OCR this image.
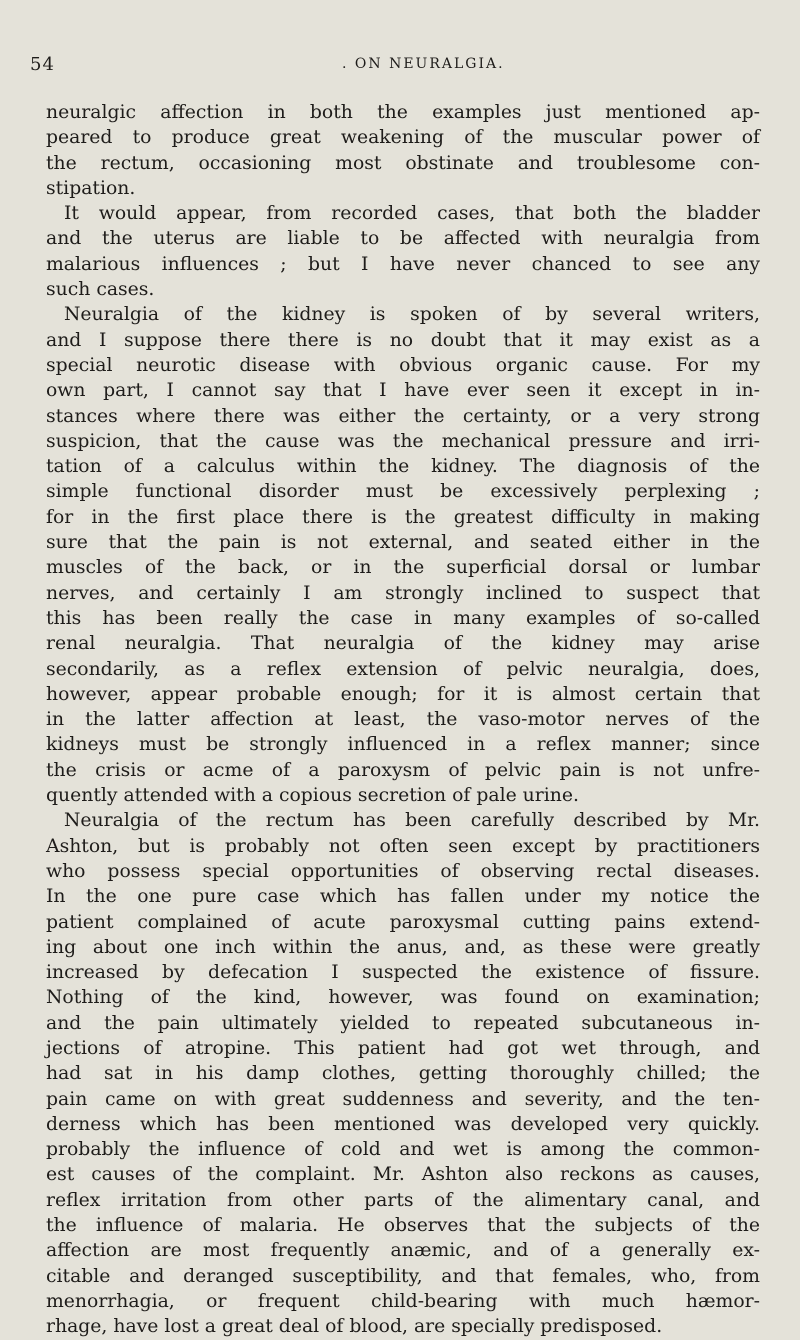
54	. ON NEURALGIA.
neuralgic affection in both the examples just mentioned ap-
peared to produce great weakening of the muscular power of
the rectum, occasioning most obstinate and troublesome con-
stipation.
It would appear, from recorded cases, that both the bladder
and the uterus are liable to be affected with neuralgia from
malarious influences ; but I have never chanced to see any
such cases.
Neuralgia of the kidney is spoken of by several writers,
and I suppose there there is no doubt that it may exist as a
special neurotic disease with obvious organic cause. For my
own part, I cannot say that I have ever seen it except in in-
stances where there was either the certainty, or a very strong
suspicion, that the cause was the mechanical pressure and irri-
tation of a calculus within the kidney. The diagnosis of the
simple functional disorder must be excessively perplexing ;
for in the first place there is the greatest difficulty in making
sure that the pain is not external, and seated either in the
muscles of the back, or in the superficial dorsal or lumbar
nerves, and certainly I am strongly inclined to suspect that
this has been really the case in many examples of so-called
renal neuralgia. That neuralgia of the kidney may arise
secondarily, as a reflex extension of pelvic neuralgia, does,
however, appear probable enough; for it is almost certain that
in the latter affection at least, the vaso-motor nerves of the
kidneys must be strongly influenced in a reflex manner; since
the crisis or acme of a paroxysm of pelvic pain is not unfre-
quently attended with a copious secretion of pale urine.
Neuralgia of the rectum has been carefully described by Mr.
Ashton, but is probably not often seen except by practitioners
who possess special opportunities of observing rectal diseases.
In the one pure case which has fallen under my notice the
patient complained of acute paroxysmal cutting pains extend-
ing about one inch within the anus, and, as these were greatly
increased by defecation I suspected the existence of fissure.
Nothing of the kind, however, was found on examination;
and the pain ultimately yielded to repeated subcutaneous in-
jections of atropine. This patient had got wet through, and
had sat in his damp clothes, getting thoroughly chilled; the
pain came on with great suddenness and severity, and the ten-
derness which has been mentioned was developed very quickly.
probably the influence of cold and wet is among the common-
est causes of the complaint. Mr. Ashton also reckons as causes,
reflex irritation from other parts of the alimentary canal, and
the influence of malaria. He observes that the subjects of the
affection are most frequently anæmic, and of a generally ex-
citable and deranged susceptibility, and that females, who, from
menorrhagia, or frequent child-bearing with much hæmor-
rhage, have lost a great deal of blood, are specially predisposed.
